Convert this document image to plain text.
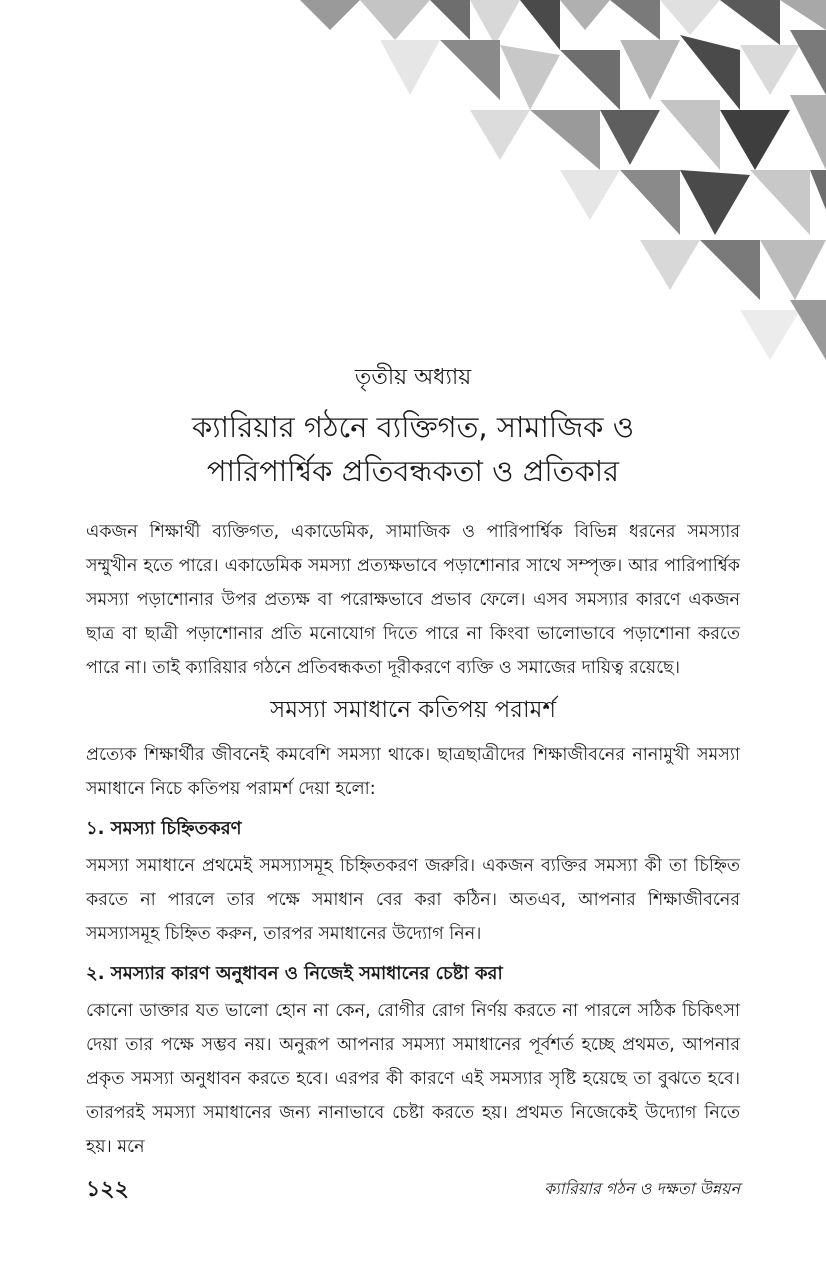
তৃতীয় অধ্যায়
ক্যারিয়ার গঠনে ব্যক্তিগত, সামাজিক ও
পারিপার্শ্বিক প্রতিবন্ধকতা ও প্রতিকার

একজন শিক্ষার্থী ব্যক্তিগত, একাডেমিক, সামাজিক ও পারিপার্শ্বিক বিভিন্ন ধরনের সমস্যার সম্মুখীন হতে পারে। একাডেমিক সমস্যা প্রত্যক্ষভাবে পড়াশোনার সাথে সম্পৃক্ত। আর পারিপার্শ্বিক সমস্যা পড়াশোনার উপর প্রত্যক্ষ বা পরোক্ষভাবে প্রভাব ফেলে। এসব সমস্যার কারণে একজন ছাত্র বা ছাত্রী পড়াশোনার প্রতি মনোযোগ দিতে পারে না কিংবা ভালোভাবে পড়াশোনা করতে পারে না। তাই ক্যারিয়ার গঠনে প্রতিবন্ধকতা দূরীকরণে ব্যক্তি ও সমাজের দায়িত্ব রয়েছে।

সমস্যা সমাধানে কতিপয় পরামর্শ

প্রত্যেক শিক্ষার্থীর জীবনেই কমবেশি সমস্যা থাকে। ছাত্রছাত্রীদের শিক্ষাজীবনের নানামুখী সমস্যা সমাধানে নিচে কতিপয় পরামর্শ দেয়া হলো:

১. সমস্যা চিহ্নিতকরণ

সমস্যা সমাধানে প্রথমেই সমস্যাসমূহ চিহ্নিতকরণ জরুরি। একজন ব্যক্তির সমস্যা কী তা চিহ্নিত করতে না পারলে তার পক্ষে সমাধান বের করা কঠিন। অতএব, আপনার শিক্ষাজীবনের সমস্যাসমূহ চিহ্নিত করুন, তারপর সমাধানের উদ্যোগ নিন।

২. সমস্যার কারণ অনুধাবন ও নিজেই সমাধানের চেষ্টা করা

কোনো ডাক্তার যত ভালো হোন না কেন, রোগীর রোগ নির্ণয় করতে না পারলে সঠিক চিকিৎসা দেয়া তার পক্ষে সম্ভব নয়। অনুরূপ আপনার সমস্যা সমাধানের পূর্বশর্ত হচ্ছে প্রথমত, আপনার প্রকৃত সমস্যা অনুধাবন করতে হবে। এরপর কী কারণে এই সমস্যার সৃষ্টি হয়েছে তা বুঝতে হবে। তারপরই সমস্যা সমাধানের জন্য নানাভাবে চেষ্টা করতে হয়। প্রথমত নিজেকেই উদ্যোগ নিতে হয়। মনে

১২২	ক্যারিয়ার গঠন ও দক্ষতা উন্নয়ন
